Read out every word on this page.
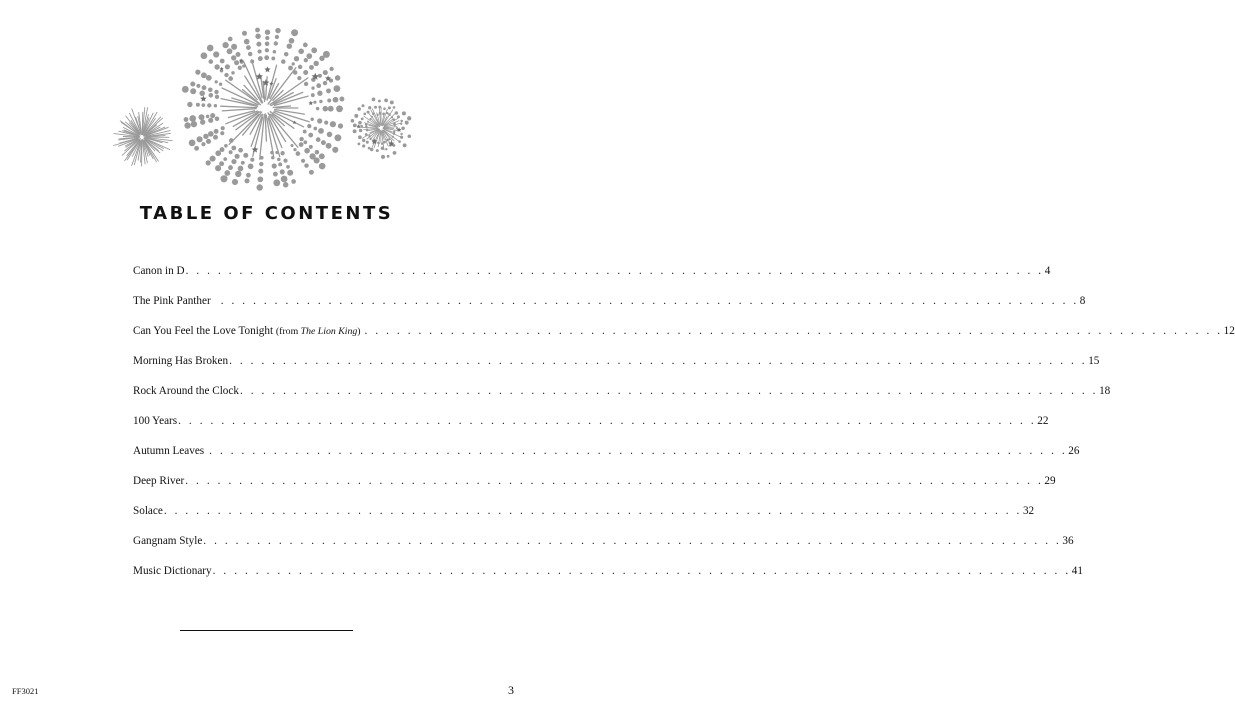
TABLE OF CONTENTS
Canon in D . . . . . . . . . . . . . . . . . . . . . . . . . . . . . . . . . . . . . . . . . . . . . . . . . . . . . . . . . . . . . . . . . . . . . . . . . . . . . . . . 4
The Pink Panther . . . . . . . . . . . . . . . . . . . . . . . . . . . . . . . . . . . . . . . . . . . . . . . . . . . . . . . . . . . . . . . . . . . . . . . . . . . . . . . . 8
Can You Feel the Love Tonight (from The Lion King) . . . . . . . . . . . . . . . . . . . . . . . . . . . . . . . . . . . . . . . . . . . . . . . . . . . . . . . . . . . . . . . . . . . . . . . . . . . . . . . . 12
Morning Has Broken . . . . . . . . . . . . . . . . . . . . . . . . . . . . . . . . . . . . . . . . . . . . . . . . . . . . . . . . . . . . . . . . . . . . . . . . . . . . . . . . 15
Rock Around the Clock . . . . . . . . . . . . . . . . . . . . . . . . . . . . . . . . . . . . . . . . . . . . . . . . . . . . . . . . . . . . . . . . . . . . . . . . . . . . . . . . 18
100 Years . . . . . . . . . . . . . . . . . . . . . . . . . . . . . . . . . . . . . . . . . . . . . . . . . . . . . . . . . . . . . . . . . . . . . . . . . . . . . . . . 22
Autumn Leaves . . . . . . . . . . . . . . . . . . . . . . . . . . . . . . . . . . . . . . . . . . . . . . . . . . . . . . . . . . . . . . . . . . . . . . . . . . . . . . . . 26
Deep River . . . . . . . . . . . . . . . . . . . . . . . . . . . . . . . . . . . . . . . . . . . . . . . . . . . . . . . . . . . . . . . . . . . . . . . . . . . . . . . . 29
Solace . . . . . . . . . . . . . . . . . . . . . . . . . . . . . . . . . . . . . . . . . . . . . . . . . . . . . . . . . . . . . . . . . . . . . . . . . . . . . . . . 32
Gangnam Style . . . . . . . . . . . . . . . . . . . . . . . . . . . . . . . . . . . . . . . . . . . . . . . . . . . . . . . . . . . . . . . . . . . . . . . . . . . . . . . . 36
Music Dictionary . . . . . . . . . . . . . . . . . . . . . . . . . . . . . . . . . . . . . . . . . . . . . . . . . . . . . . . . . . . . . . . . . . . . . . . . . . . . . . . . 41
FF3021	3
